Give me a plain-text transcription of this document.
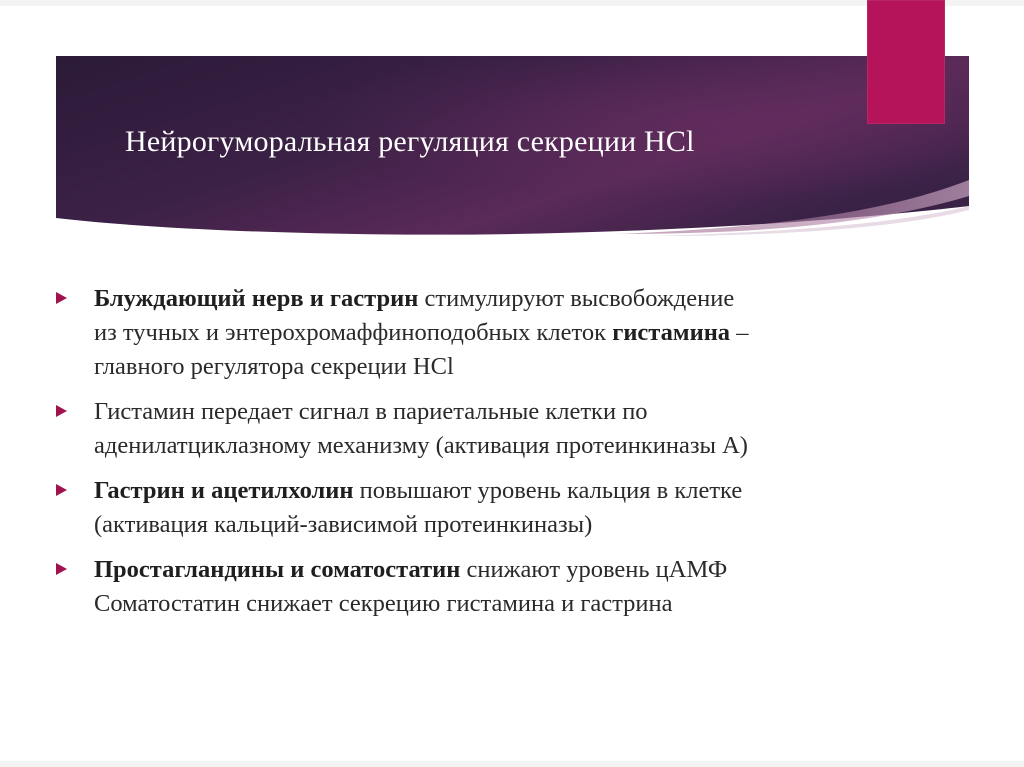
Нейрогуморальная регуляция секреции HCl
Блуждающий нерв и гастрин стимулируют высвобождение
из тучных и энтерохромаффиноподобных клеток гистамина –
главного регулятора секреции HCl
Гистамин передает сигнал в париетальные клетки по
аденилатциклазному механизму (активация протеинкиназы А)
Гастрин и ацетилхолин повышают уровень кальция в клетке
(активация кальций-зависимой протеинкиназы)
Простагландины и соматостатин снижают уровень цАМФ
Соматостатин снижает секрецию гистамина и гастрина
